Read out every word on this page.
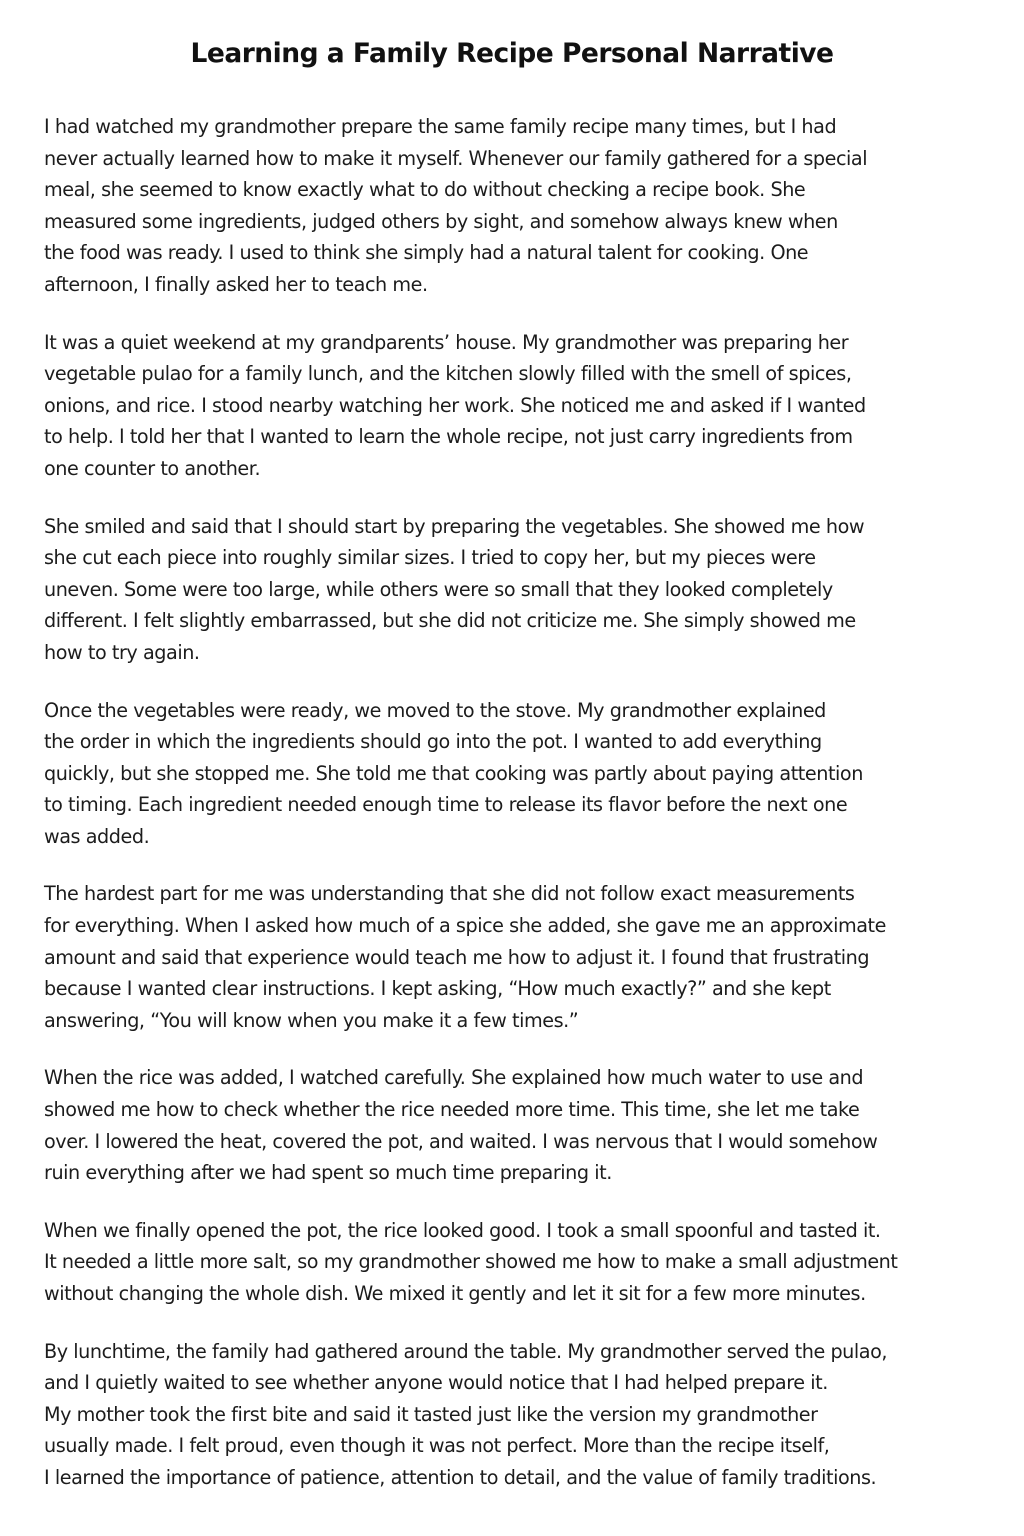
Learning a Family Recipe Personal Narrative

I had watched my grandmother prepare the same family recipe many times, but I had
never actually learned how to make it myself. Whenever our family gathered for a special
meal, she seemed to know exactly what to do without checking a recipe book. She
measured some ingredients, judged others by sight, and somehow always knew when
the food was ready. I used to think she simply had a natural talent for cooking. One
afternoon, I finally asked her to teach me.

It was a quiet weekend at my grandparents’ house. My grandmother was preparing her
vegetable pulao for a family lunch, and the kitchen slowly filled with the smell of spices,
onions, and rice. I stood nearby watching her work. She noticed me and asked if I wanted
to help. I told her that I wanted to learn the whole recipe, not just carry ingredients from
one counter to another.

She smiled and said that I should start by preparing the vegetables. She showed me how
she cut each piece into roughly similar sizes. I tried to copy her, but my pieces were
uneven. Some were too large, while others were so small that they looked completely
different. I felt slightly embarrassed, but she did not criticize me. She simply showed me
how to try again.

Once the vegetables were ready, we moved to the stove. My grandmother explained
the order in which the ingredients should go into the pot. I wanted to add everything
quickly, but she stopped me. She told me that cooking was partly about paying attention
to timing. Each ingredient needed enough time to release its flavor before the next one
was added.

The hardest part for me was understanding that she did not follow exact measurements
for everything. When I asked how much of a spice she added, she gave me an approximate
amount and said that experience would teach me how to adjust it. I found that frustrating
because I wanted clear instructions. I kept asking, “How much exactly?” and she kept
answering, “You will know when you make it a few times.”

When the rice was added, I watched carefully. She explained how much water to use and
showed me how to check whether the rice needed more time. This time, she let me take
over. I lowered the heat, covered the pot, and waited. I was nervous that I would somehow
ruin everything after we had spent so much time preparing it.

When we finally opened the pot, the rice looked good. I took a small spoonful and tasted it.
It needed a little more salt, so my grandmother showed me how to make a small adjustment
without changing the whole dish. We mixed it gently and let it sit for a few more minutes.

By lunchtime, the family had gathered around the table. My grandmother served the pulao,
and I quietly waited to see whether anyone would notice that I had helped prepare it.
My mother took the first bite and said it tasted just like the version my grandmother
usually made. I felt proud, even though it was not perfect. More than the recipe itself,
I learned the importance of patience, attention to detail, and the value of family traditions.
